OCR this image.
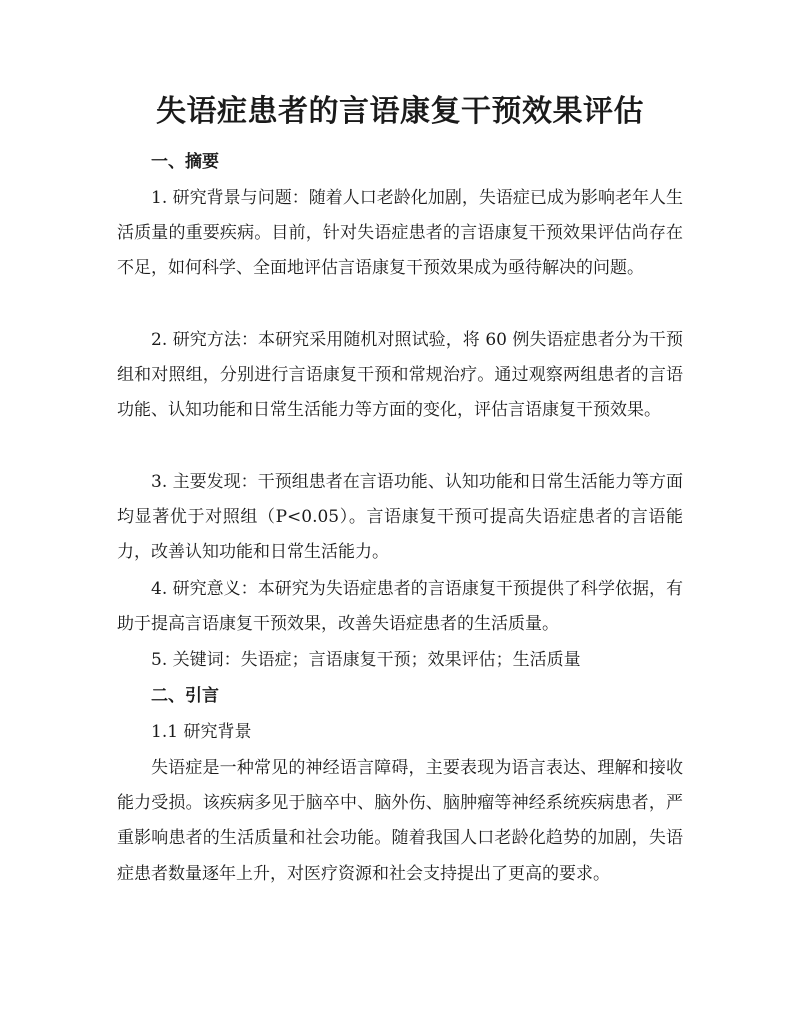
失语症患者的言语康复干预效果评估
一、摘要

1. 研究背景与问题：随着人口老龄化加剧，失语症已成为影响老年人生活质量的重要疾病。目前，针对失语症患者的言语康复干预效果评估尚存在不足，如何科学、全面地评估言语康复干预效果成为亟待解决的问题。

2. 研究方法：本研究采用随机对照试验，将 60 例失语症患者分为干预组和对照组，分别进行言语康复干预和常规治疗。通过观察两组患者的言语功能、认知功能和日常生活能力等方面的变化，评估言语康复干预效果。

3. 主要发现：干预组患者在言语功能、认知功能和日常生活能力等方面均显著优于对照组（P<0.05）。言语康复干预可提高失语症患者的言语能力，改善认知功能和日常生活能力。

4. 研究意义：本研究为失语症患者的言语康复干预提供了科学依据，有助于提高言语康复干预效果，改善失语症患者的生活质量。

5. 关键词：失语症；言语康复干预；效果评估；生活质量

二、引言

1.1 研究背景

失语症是一种常见的神经语言障碍，主要表现为语言表达、理解和接收能力受损。该疾病多见于脑卒中、脑外伤、脑肿瘤等神经系统疾病患者，严重影响患者的生活质量和社会功能。随着我国人口老龄化趋势的加剧，失语症患者数量逐年上升，对医疗资源和社会支持提出了更高的要求。
